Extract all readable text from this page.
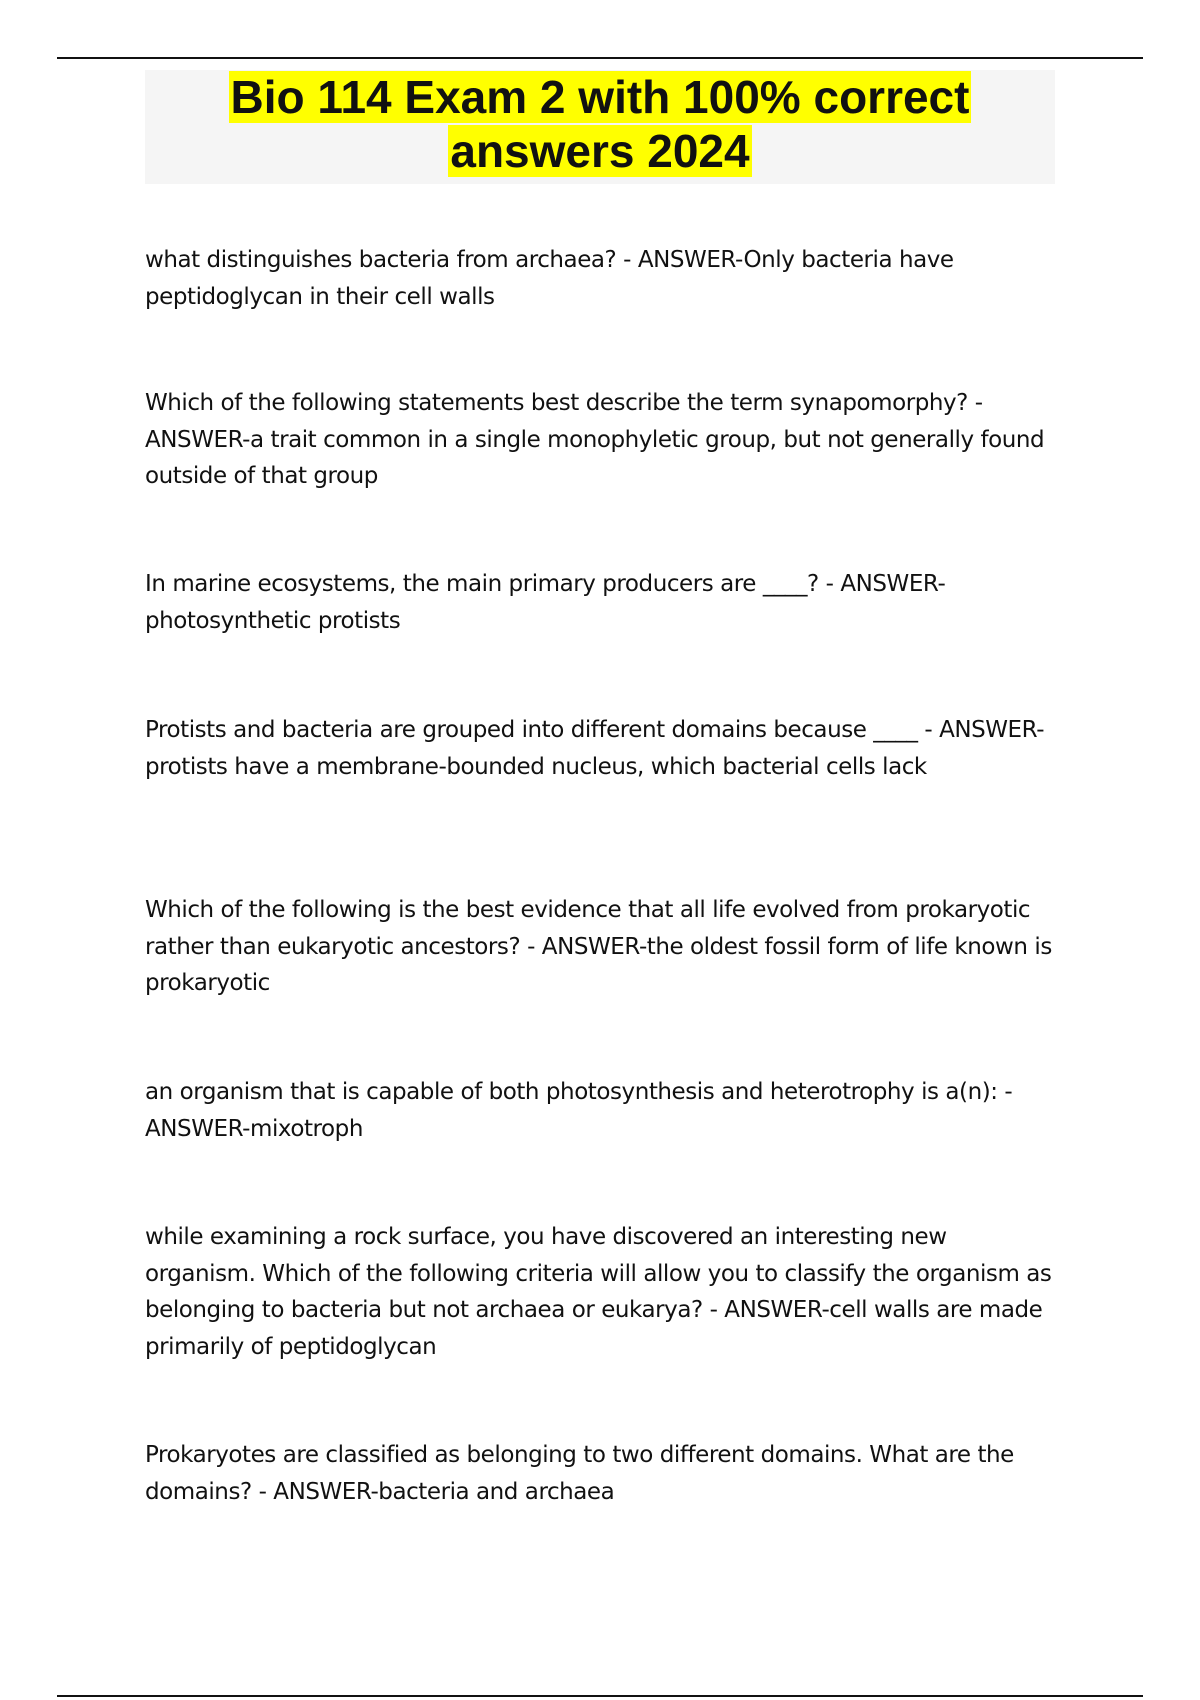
Bio 114 Exam 2 with 100% correct answers 2024

what distinguishes bacteria from archaea? - ANSWER-Only bacteria have peptidoglycan in their cell walls

Which of the following statements best describe the term synapomorphy? - ANSWER-a trait common in a single monophyletic group, but not generally found outside of that group

In marine ecosystems, the main primary producers are ____? - ANSWER-photosynthetic protists

Protists and bacteria are grouped into different domains because ____ - ANSWER-protists have a membrane-bounded nucleus, which bacterial cells lack

Which of the following is the best evidence that all life evolved from prokaryotic rather than eukaryotic ancestors? - ANSWER-the oldest fossil form of life known is prokaryotic

an organism that is capable of both photosynthesis and heterotrophy is a(n): - ANSWER-mixotroph

while examining a rock surface, you have discovered an interesting new organism. Which of the following criteria will allow you to classify the organism as belonging to bacteria but not archaea or eukarya? - ANSWER-cell walls are made primarily of peptidoglycan

Prokaryotes are classified as belonging to two different domains. What are the domains? - ANSWER-bacteria and archaea
